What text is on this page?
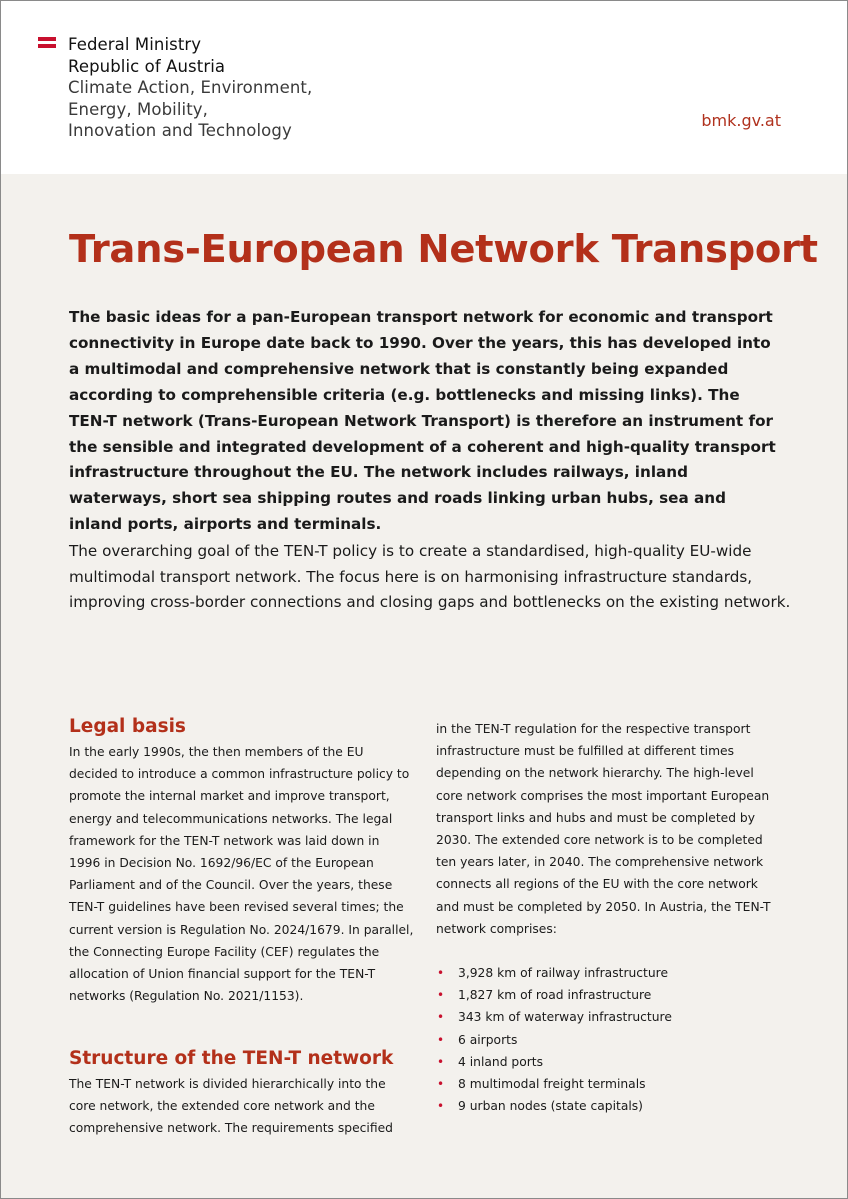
Federal Ministry
Republic of Austria
Climate Action, Environment,
Energy, Mobility,
Innovation and Technology
bmk.gv.at
Trans-European Network Transport

The basic ideas for a pan-European transport network for economic and transport connectivity in Europe date back to 1990. Over the years, this has developed into a multimodal and comprehensive network that is constantly being expanded according to comprehensible criteria (e.g. bottlenecks and missing links). The TEN-T network (Trans-European Network Transport) is therefore an instrument for the sensible and integrated development of a coherent and high-quality transport infrastructure throughout the EU. The network includes railways, inland waterways, short sea shipping routes and roads linking urban hubs, sea and inland ports, airports and terminals.

The overarching goal of the TEN-T policy is to create a standardised, high-quality EU-wide multimodal transport network. The focus here is on harmonising infrastructure standards, improving cross-border connections and closing gaps and bottlenecks on the existing network.

Legal basis

In the early 1990s, the then members of the EU decided to introduce a common infrastructure policy to promote the internal market and improve transport, energy and telecommunications networks. The legal framework for the TEN-T network was laid down in 1996 in Decision No. 1692/96/EC of the European Parliament and of the Council. Over the years, these TEN-T guidelines have been revised several times; the current version is Regulation No. 2024/1679. In parallel, the Connecting Europe Facility (CEF) regulates the allocation of Union financial support for the TEN-T networks (Regulation No. 2021/1153).

Structure of the TEN-T network

The TEN-T network is divided hierarchically into the core network, the extended core network and the comprehensive network. The requirements specified

in the TEN-T regulation for the respective transport infrastructure must be fulfilled at different times depending on the network hierarchy. The high-level core network comprises the most important European transport links and hubs and must be completed by 2030. The extended core network is to be completed ten years later, in 2040. The comprehensive network connects all regions of the EU with the core network and must be completed by 2050. In Austria, the TEN-T network comprises:

• 3,928 km of railway infrastructure
• 1,827 km of road infrastructure
• 343 km of waterway infrastructure
• 6 airports
• 4 inland ports
• 8 multimodal freight terminals
• 9 urban nodes (state capitals)
